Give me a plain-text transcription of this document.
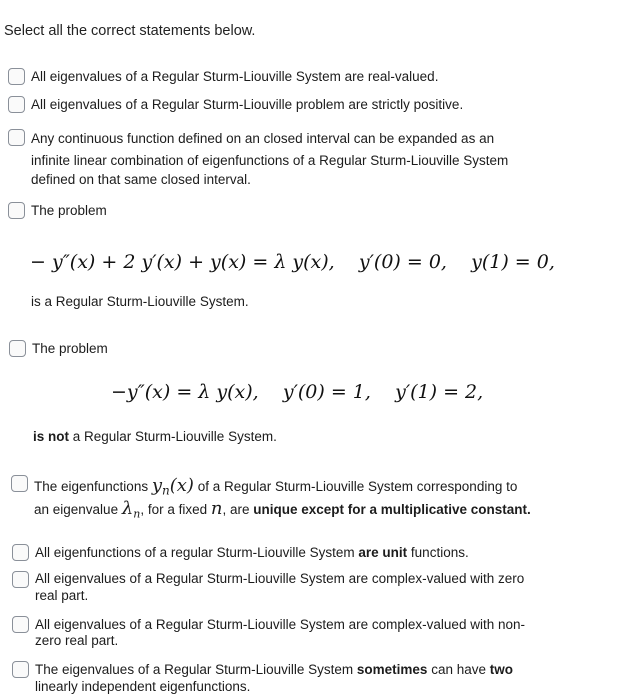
Select all the correct statements below.
All eigenvalues of a Regular Sturm-Liouville System are real-valued.
All eigenvalues of a Regular Sturm-Liouville problem are strictly positive.
Any continuous function defined on an closed interval can be expanded as an
infinite linear combination of eigenfunctions of a Regular Sturm-Liouville System
defined on that same closed interval.
The problem
− y″(x) + 2 y′(x) + y(x) = λ y(x),    y′(0) = 0,    y(1) = 0,
is a Regular Sturm-Liouville System.
The problem
−y″(x) = λ y(x),    y′(0) = 1,    y′(1) = 2,
is not a Regular Sturm-Liouville System.
The eigenfunctions $y_n(x)$ of a Regular Sturm-Liouville System corresponding to
an eigenvalue $\lambda_n$, for a fixed n, are unique except for a multiplicative constant.
All eigenfunctions of a regular Sturm-Liouville System are unit functions.
All eigenvalues of a Regular Sturm-Liouville System are complex-valued with zero
real part.
All eigenvalues of a Regular Sturm-Liouville System are complex-valued with non-
zero real part.
The eigenvalues of a Regular Sturm-Liouville System sometimes can have two
linearly independent eigenfunctions.
